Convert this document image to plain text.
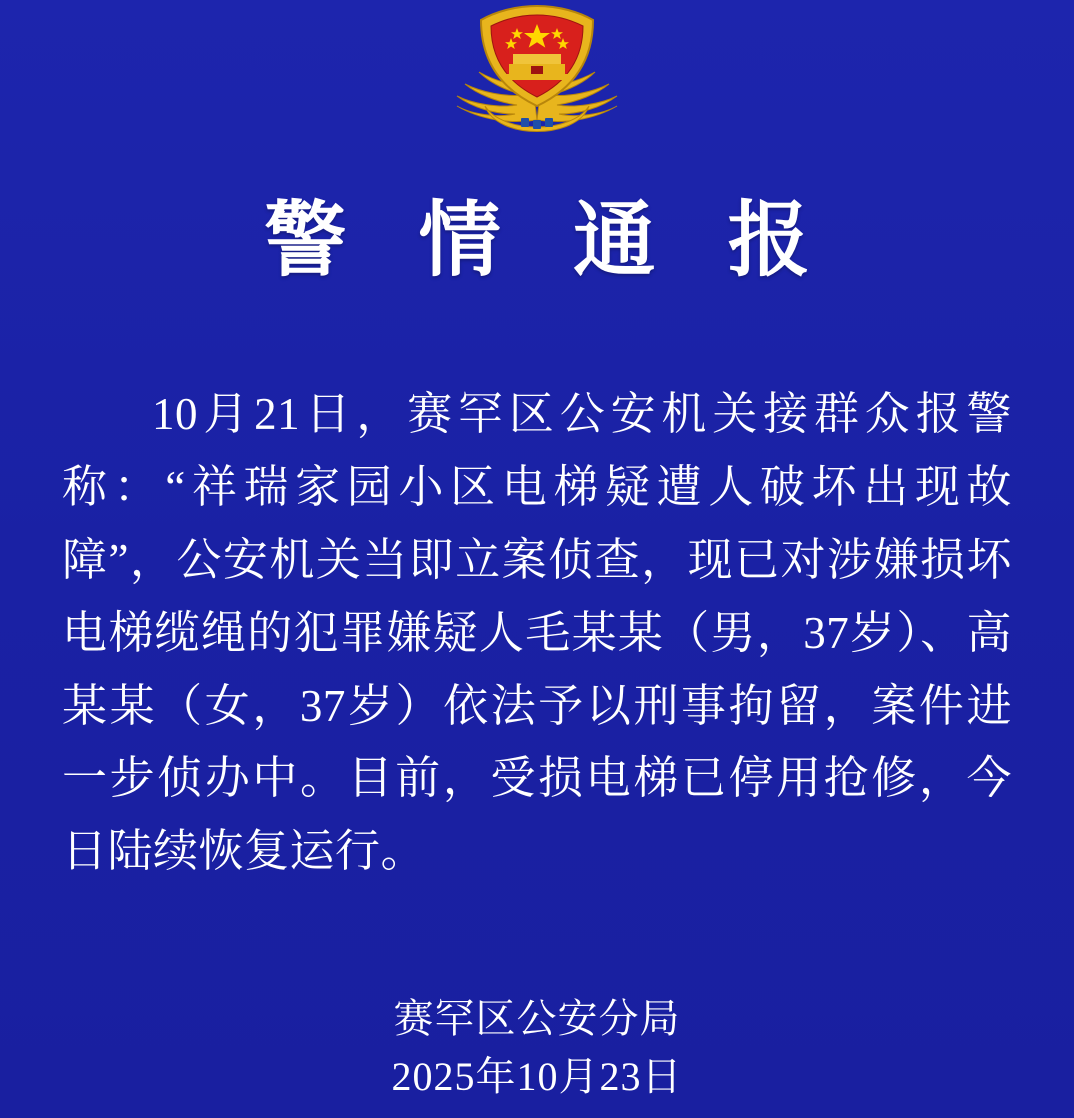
警 情 通 报
10月21日，赛罕区公安机关接群众报警称：“祥瑞家园小区电梯疑遭人破坏出现故障”，公安机关当即立案侦查，现已对涉嫌损坏电梯缆绳的犯罪嫌疑人毛某某（男，37岁）、高某某（女，37岁）依法予以刑事拘留，案件进一步侦办中。目前，受损电梯已停用抢修，今日陆续恢复运行。
赛罕区公安分局
2025年10月23日
